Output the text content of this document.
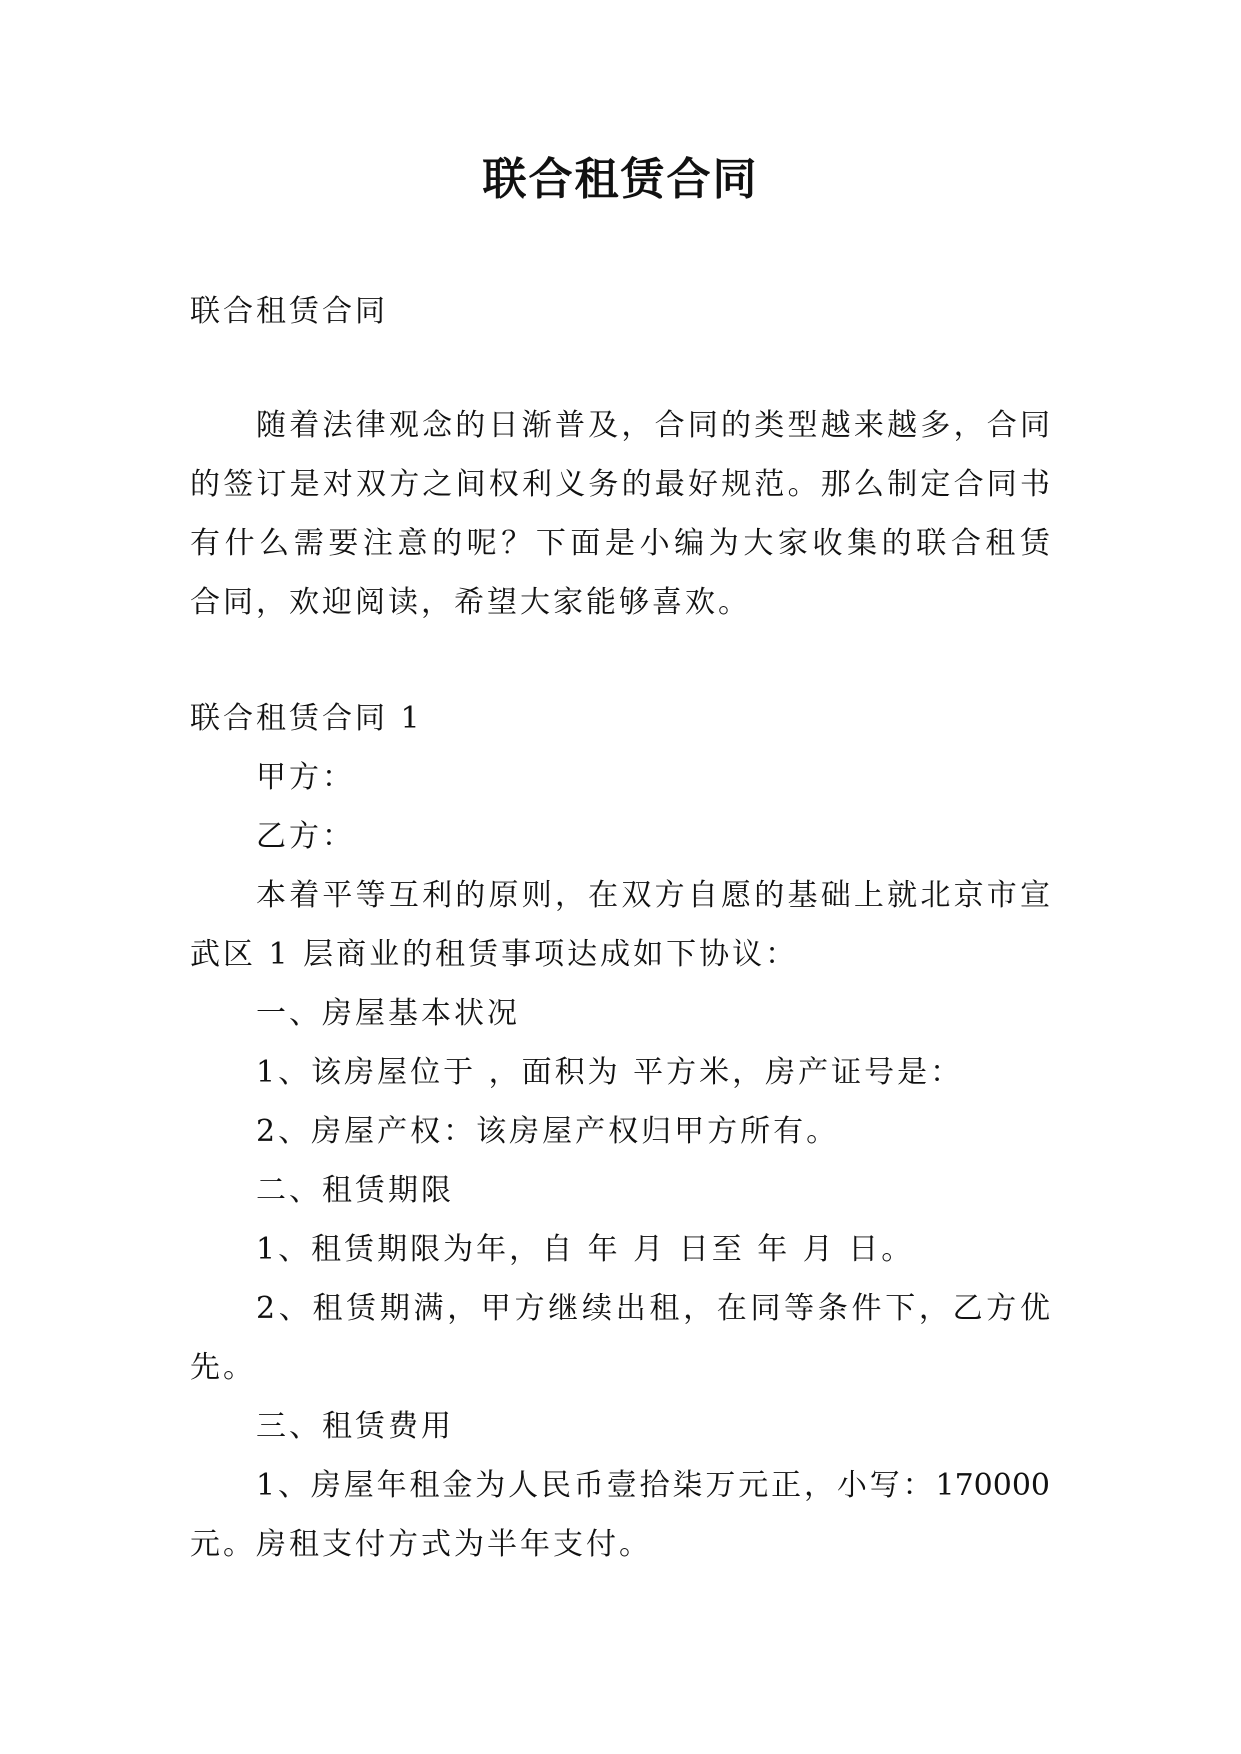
联合租赁合同
联合租赁合同
随着法律观念的日渐普及，合同的类型越来越多，合同
的签订是对双方之间权利义务的最好规范。那么制定合同书
有什么需要注意的呢？下面是小编为大家收集的联合租赁
合同，欢迎阅读，希望大家能够喜欢。
联合租赁合同 1
甲方：
乙方：
本着平等互利的原则，在双方自愿的基础上就北京市宣
武区 1 层商业的租赁事项达成如下协议：
一、房屋基本状况
1、该房屋位于 ，面积为 平方米，房产证号是：
2、房屋产权：该房屋产权归甲方所有。
二、租赁期限
1、租赁期限为年，自 年 月 日至 年 月 日。
2、租赁期满，甲方继续出租，在同等条件下，乙方优
先。
三、租赁费用
1、房屋年租金为人民币壹拾柒万元正，小写：170000
元。房租支付方式为半年支付。
